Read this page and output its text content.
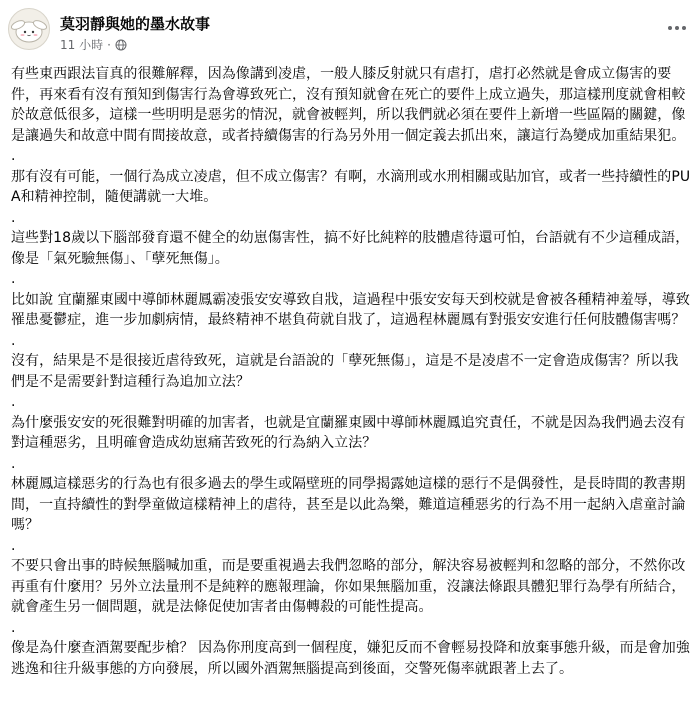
莫羽靜與她的墨水故事
11 小時 ·

有些東西跟法盲真的很難解釋，因為像講到凌虐，一般人膝反射就只有虐打，虐打必然就是會成立傷害的要件，再來看有沒有預知到傷害行為會導致死亡，沒有預知就會在死亡的要件上成立過失，那這樣刑度就會相較於故意低很多，這樣一些明明是惡劣的情況，就會被輕判，所以我們就必須在要件上新增一些區隔的關鍵，像是讓過失和故意中間有間接故意，或者持續傷害的行為另外用一個定義去抓出來，讓這行為變成加重結果犯。

.

那有沒有可能，一個行為成立凌虐，但不成立傷害？有啊，水滴刑或水刑相關或貼加官，或者一些持續性的PUA和精神控制，隨便講就一大堆。

.

這些對18歲以下腦部發育還不健全的幼崽傷害性，搞不好比純粹的肢體虐待還可怕，台語就有不少這種成語，像是「氣死驗無傷」、「孽死無傷」。

.

比如說 宜蘭羅東國中導師林麗鳳霸凌張安安導致自戕，這過程中張安安每天到校就是會被各種精神羞辱，導致罹患憂鬱症，進一步加劇病情，最終精神不堪負荷就自戕了，這過程林麗鳳有對張安安進行任何肢體傷害嗎？

.

沒有，結果是不是很接近虐待致死，這就是台語說的「孽死無傷」，這是不是凌虐不一定會造成傷害？所以我們是不是需要針對這種行為追加立法？

.

為什麼張安安的死很難對明確的加害者，也就是宜蘭羅東國中導師林麗鳳追究責任，不就是因為我們過去沒有對這種惡劣，且明確會造成幼崽痛苦致死的行為納入立法？

.

林麗鳳這樣惡劣的行為也有很多過去的學生或隔壁班的同學揭露她這樣的惡行不是偶發性，是長時間的教書期間，一直持續性的對學童做這樣精神上的虐待，甚至是以此為樂，難道這種惡劣的行為不用一起納入虐童討論嗎？

.

不要只會出事的時候無腦喊加重，而是要重視過去我們忽略的部分，解決容易被輕判和忽略的部分，不然你改再重有什麼用？另外立法量刑不是純粹的應報理論，你如果無腦加重，沒讓法條跟具體犯罪行為學有所結合，就會產生另一個問題，就是法條促使加害者由傷轉殺的可能性提高。

.

像是為什麼查酒駕要配步槍？ 因為你刑度高到一個程度，嫌犯反而不會輕易投降和放棄事態升級，而是會加強逃逸和往升級事態的方向發展，所以國外酒駕無腦提高到後面，交警死傷率就跟著上去了。
